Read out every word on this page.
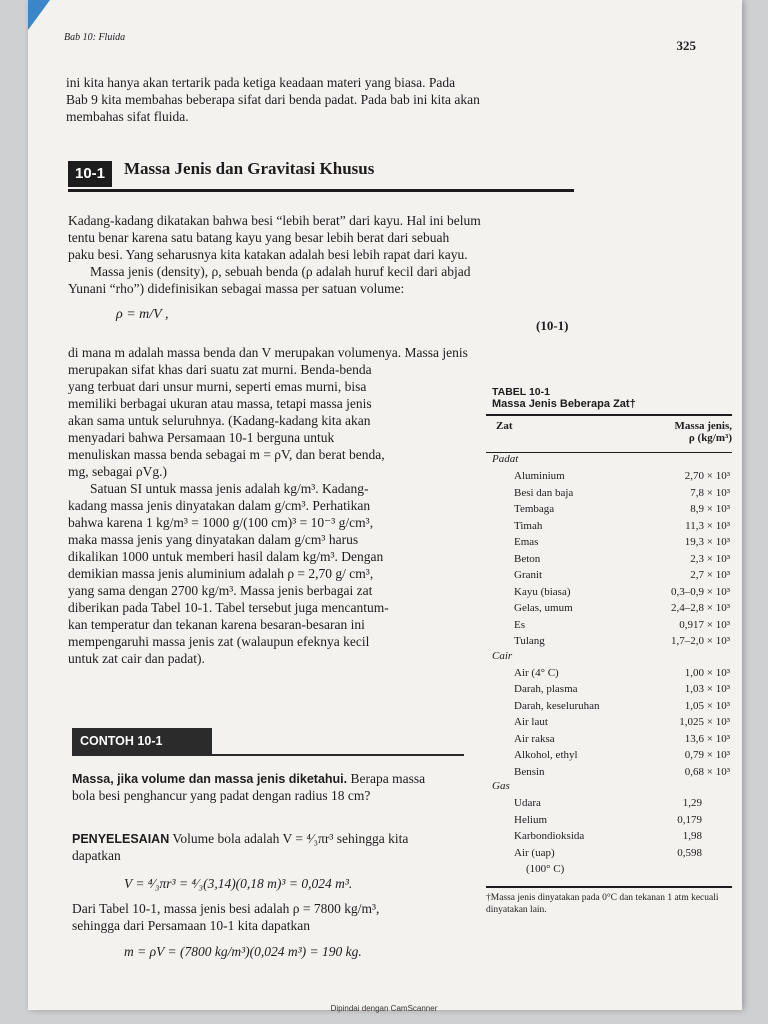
Bab 10: Fluida
325

ini kita hanya akan tertarik pada ketiga keadaan materi yang biasa. Pada

Bab 9 kita membahas beberapa sifat dari benda padat. Pada bab ini kita akan

membahas sifat fluida.

10-1	Massa Jenis dan Gravitasi Khusus

Kadang-kadang dikatakan bahwa besi “lebih berat” dari kayu. Hal ini belum

tentu benar karena satu batang kayu yang besar lebih berat dari sebuah

paku besi. Yang seharusnya kita katakan adalah besi lebih rapat dari kayu.

Massa jenis (density), ρ, sebuah benda (ρ adalah huruf kecil dari abjad

Yunani “rho”) didefinisikan sebagai massa per satuan volume:

ρ = m/V ,
(10-1)

di mana m adalah massa benda dan V merupakan volumenya. Massa jenis

merupakan sifat khas dari suatu zat murni. Benda-benda

yang terbuat dari unsur murni, seperti emas murni, bisa

memiliki berbagai ukuran atau massa, tetapi massa jenis

akan sama untuk seluruhnya. (Kadang-kadang kita akan

menyadari bahwa Persamaan 10-1 berguna untuk

menuliskan massa benda sebagai m = ρV, dan berat benda,

mg, sebagai ρVg.)

Satuan SI untuk massa jenis adalah kg/m³. Kadang-

kadang massa jenis dinyatakan dalam g/cm³. Perhatikan

bahwa karena 1 kg/m³ = 1000 g/(100 cm)³ = 10⁻³ g/cm³,

maka massa jenis yang dinyatakan dalam g/cm³ harus

dikalikan 1000 untuk memberi hasil dalam kg/m³. Dengan

demikian massa jenis aluminium adalah ρ = 2,70 g/ cm³,

yang sama dengan 2700 kg/m³. Massa jenis berbagai zat

diberikan pada Tabel 10-1. Tabel tersebut juga mencantum-

kan temperatur dan tekanan karena besaran-besaran ini

mempengaruhi massa jenis zat (walaupun efeknya kecil

untuk zat cair dan padat).

CONTOH 10-1

Massa, jika volume dan massa jenis diketahui. Berapa massa

bola besi penghancur yang padat dengan radius 18 cm?

PENYELESAIAN Volume bola adalah V = ⁴⁄₃πr³ sehingga kita

dapatkan

V = ⁴⁄₃πr³ = ⁴⁄₃(3,14)(0,18 m)³ = 0,024 m³.

Dari Tabel 10-1, massa jenis besi adalah ρ = 7800 kg/m³,

sehingga dari Persamaan 10-1 kita dapatkan

m = ρV = (7800 kg/m³)(0,024 m³) = 190 kg.
TABEL 10-1
Massa Jenis Beberapa Zat†
Zat	Massa jenis,
ρ (kg/m³)
Padat
Aluminium	2,70 × 10³
Besi dan baja	7,8 × 10³
Tembaga	8,9 × 10³
Timah	11,3 × 10³
Emas	19,3 × 10³
Beton	2,3 × 10³
Granit	2,7 × 10³
Kayu (biasa)	0,3–0,9 × 10³
Gelas, umum	2,4–2,8 × 10³
Es	0,917 × 10³
Tulang	1,7–2,0 × 10³
Cair
Air (4° C)	1,00 × 10³
Darah, plasma	1,03 × 10³
Darah, keseluruhan	1,05 × 10³
Air laut	1,025 × 10³
Air raksa	13,6 × 10³
Alkohol, ethyl	0,79 × 10³
Bensin	0,68 × 10³
Gas
Udara	1,29
Helium	0,179
Karbondioksida	1,98
Air (uap)	0,598
(100° C)
†Massa jenis dinyatakan pada 0°C dan tekanan 1 atm kecuali dinyatakan lain.
Dipindai dengan CamScanner
